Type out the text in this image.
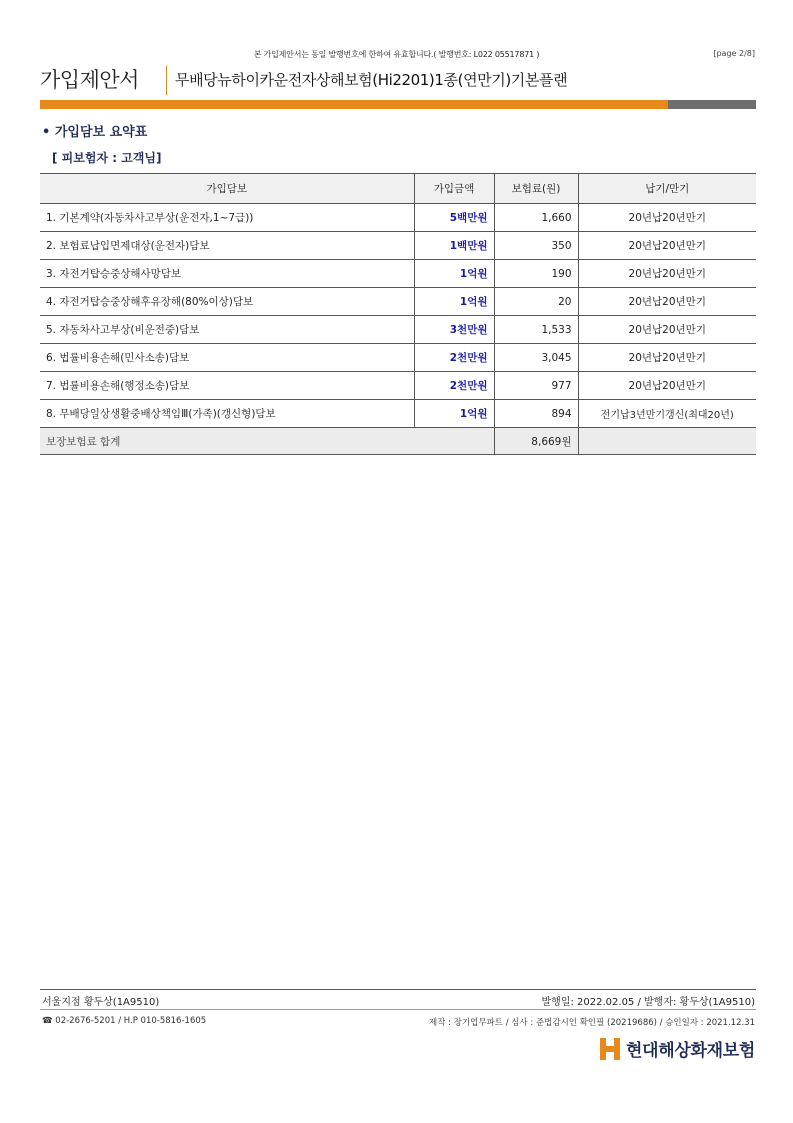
본 가입제안서는 동일 발행번호에 한하여 유효합니다.( 발행번호: L022 05517871 )	[page 2/8]
가입제안서 무배당뉴하이카운전자상해보험(Hi2201)1종(연만기)기본플랜
• 가입담보 요약표
[ 피보험자 : 고객님]
가입담보	가입금액	보험료(원)	납기/만기
1. 기본계약(자동차사고부상(운전자,1~7급))	5백만원	1,660	20년납20년만기
2. 보험료납입면제대상(운전자)담보	1백만원	350	20년납20년만기
3. 자전거탑승중상해사망담보	1억원	190	20년납20년만기
4. 자전거탑승중상해후유장해(80%이상)담보	1억원	20	20년납20년만기
5. 자동차사고부상(비운전중)담보	3천만원	1,533	20년납20년만기
6. 법률비용손해(민사소송)담보	2천만원	3,045	20년납20년만기
7. 법률비용손해(행정소송)담보	2천만원	977	20년납20년만기
8. 무배당일상생활중배상책임Ⅲ(가족)(갱신형)담보	1억원	894	전기납3년만기갱신(최대20년)
보장보험료 합계		8,669원	
서울지점 황두상(1A9510)	발행일: 2022.02.05 / 발행자: 황두상(1A9510)
☎ 02-2676-5201 / H.P 010-5816-1605	제작 : 장기업무파트 / 심사 : 준법감시인 확인필 (20219686) / 승인일자 : 2021.12.31
현대해상화재보험
